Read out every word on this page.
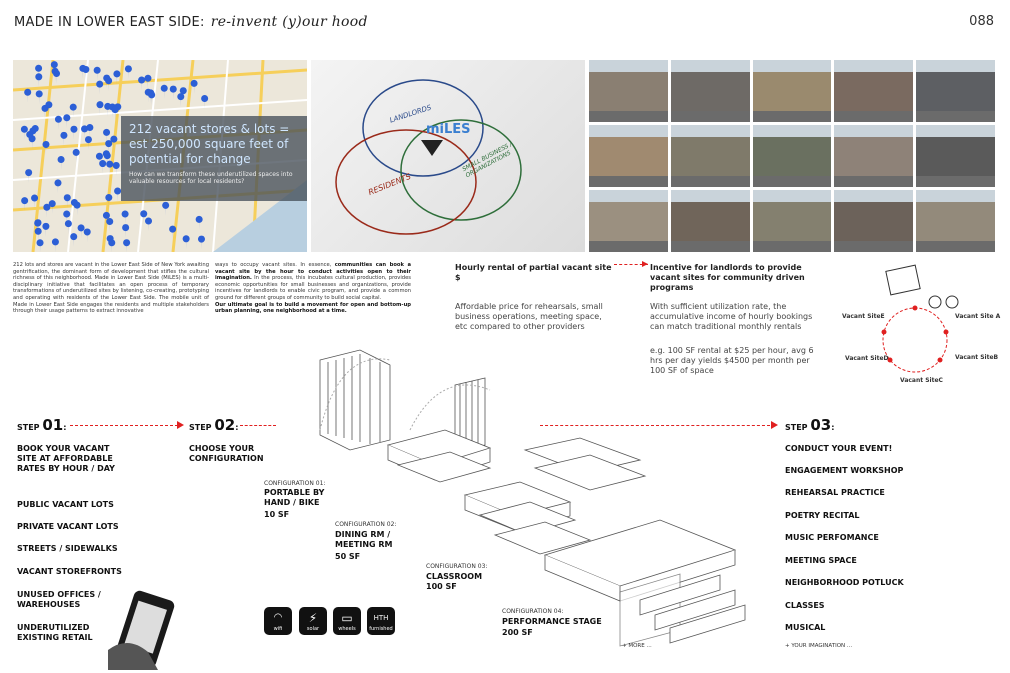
MADE IN LOWER EAST SIDE: re-invent (y)our hood	088
212 vacant stores & lots = est 250,000 square feet of potential for change
How can we transform these underutilized spaces into valuable resources for local residents?
LANDLORDS
miLES
SMALL BUSINESS / ORGANIZATIONS
RESIDENTS
212 lots and stores are vacant in the Lower East Side of New York awaiting gentrification, the dominant form of development that stifles the cultural richness of this neighborhood. Made in Lower East Side (MiLES) is a multi-disciplinary initiative that facilitates an open process of temporary transformations of underutilized sites by listening, co-creating, prototyping and operating with residents of the Lower East Side. The mobile unit of Made in Lower East Side engages the residents and multiple stakeholders through their usage patterns to extract innovative
ways to occupy vacant sites. In essence, communities can book a vacant site by the hour to conduct activities open to their imagination. In the process, this incubates cultural production, provides economic opportunities for small businesses and organizations, provide incentives for landlords to enable civic program, and provide a common ground for different groups of community to build social capital.
Our ultimate goal is to build a movement for open and bottom-up urban planning, one neighborhood at a time.
Hourly rental of partial vacant site $
Affordable price for rehearsals, small business operations, meeting space, etc compared to other providers
Incentive for landlords to provide vacant sites for community driven programs
With sufficient utilization rate, the accumulative income of hourly bookings can match traditional monthly rentals
e.g. 100 SF rental at $25 per hour, avg 6 hrs per day yields $4500 per month per 100 SF of space
Vacant SiteE	Vacant Site A
Vacant SiteD	Vacant SiteB
Vacant SiteC
STEP 01:
BOOK YOUR VACANT SITE AT AFFORDABLE RATES BY HOUR / DAY
PUBLIC VACANT LOTS
PRIVATE VACANT LOTS
STREETS / SIDEWALKS
VACANT STOREFRONTS
UNUSED OFFICES / WAREHOUSES
UNDERUTILIZED EXISTING RETAIL
STEP 02:
CHOOSE YOUR CONFIGURATION
CONFIGURATION 01:
PORTABLE BY HAND / BIKE
10 SF
CONFIGURATION 02:
DINING RM / MEETING RM
50 SF
CONFIGURATION 03:
CLASSROOM
100 SF
CONFIGURATION 04:
PERFORMANCE STAGE
200 SF
+ MORE ...
◠
wifi
⚡
solar
▭
wheels
HTH
furnished
STEP 03:
CONDUCT YOUR EVENT!
ENGAGEMENT WORKSHOP
REHEARSAL PRACTICE
POETRY RECITAL
MUSIC PERFOMANCE
MEETING SPACE
NEIGHBORHOOD POTLUCK
CLASSES
MUSICAL
+ YOUR IMAGINATION ...
